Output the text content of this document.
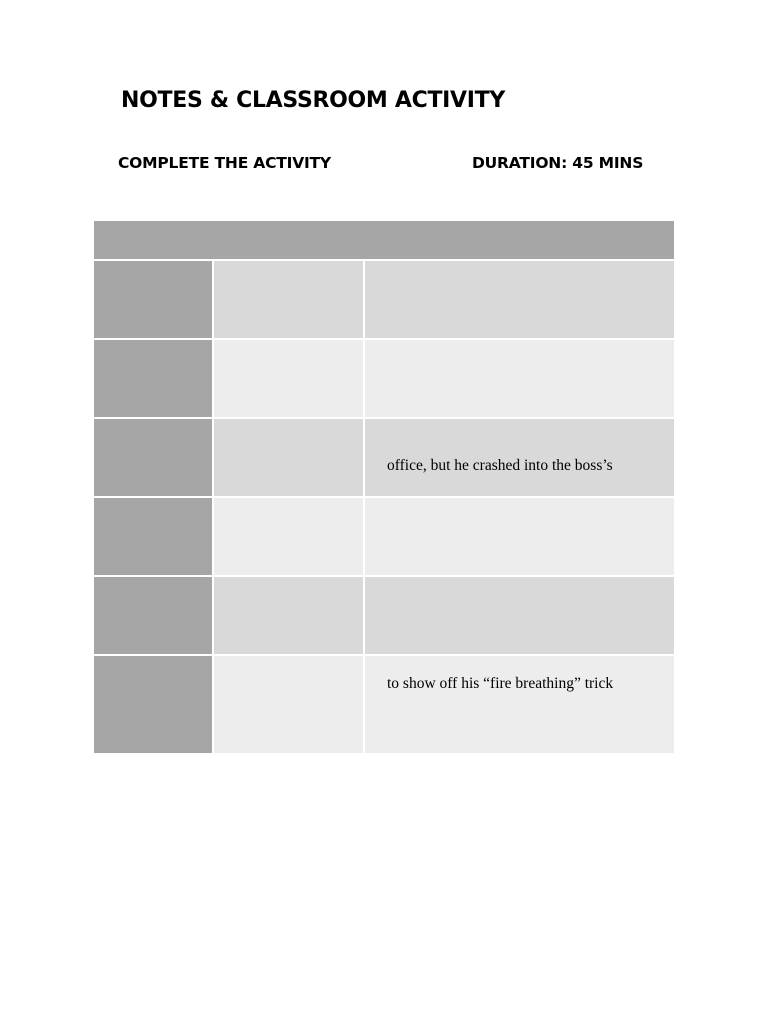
NOTES & CLASSROOM ACTIVITY
COMPLETE THE ACTIVITY	DURATION: 45 MINS
office, but he crashed into the boss’s
to show off his “fire breathing” trick
